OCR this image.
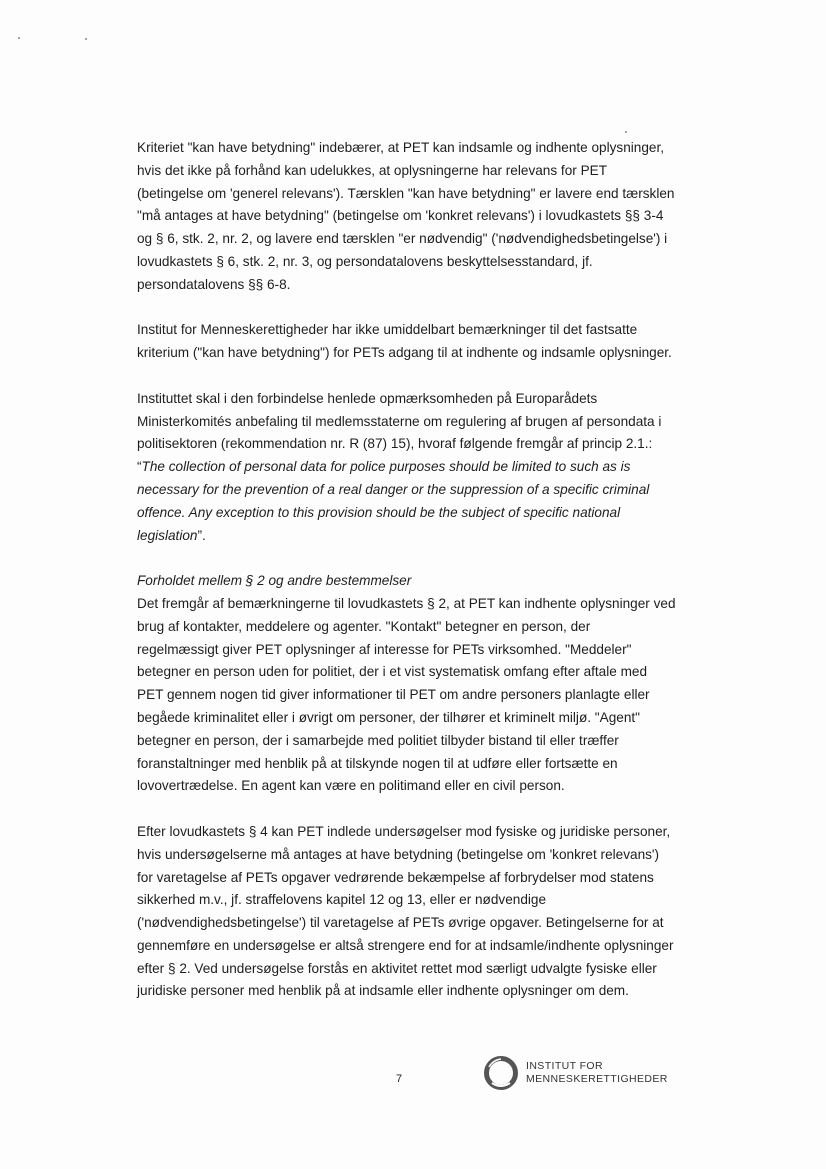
Kriteriet "kan have betydning" indebærer, at PET kan indsamle og indhente oplysninger,
hvis det ikke på forhånd kan udelukkes, at oplysningerne har relevans for PET
(betingelse om 'generel relevans'). Tærsklen "kan have betydning" er lavere end tærsklen
"må antages at have betydning" (betingelse om 'konkret relevans') i lovudkastets §§ 3-4
og § 6, stk. 2, nr. 2, og lavere end tærsklen "er nødvendig" ('nødvendighedsbetingelse') i
lovudkastets § 6, stk. 2, nr. 3, og persondatalovens beskyttelsesstandard, jf.
persondatalovens §§ 6-8.

Institut for Menneskerettigheder har ikke umiddelbart bemærkninger til det fastsatte
kriterium ("kan have betydning") for PETs adgang til at indhente og indsamle oplysninger.

Instituttet skal i den forbindelse henlede opmærksomheden på Europarådets
Ministerkomités anbefaling til medlemsstaterne om regulering af brugen af persondata i
politisektoren (rekommendation nr. R (87) 15), hvoraf følgende fremgår af princip 2.1.:
“The collection of personal data for police purposes should be limited to such as is
necessary for the prevention of a real danger or the suppression of a specific criminal
offence. Any exception to this provision should be the subject of specific national
legislation”.

Forholdet mellem § 2 og andre bestemmelser
Det fremgår af bemærkningerne til lovudkastets § 2, at PET kan indhente oplysninger ved
brug af kontakter, meddelere og agenter. "Kontakt" betegner en person, der
regelmæssigt giver PET oplysninger af interesse for PETs virksomhed. "Meddeler"
betegner en person uden for politiet, der i et vist systematisk omfang efter aftale med
PET gennem nogen tid giver informationer til PET om andre personers planlagte eller
begåede kriminalitet eller i øvrigt om personer, der tilhører et kriminelt miljø. "Agent"
betegner en person, der i samarbejde med politiet tilbyder bistand til eller træffer
foranstaltninger med henblik på at tilskynde nogen til at udføre eller fortsætte en
lovovertrædelse. En agent kan være en politimand eller en civil person.

Efter lovudkastets § 4 kan PET indlede undersøgelser mod fysiske og juridiske personer,
hvis undersøgelserne må antages at have betydning (betingelse om 'konkret relevans')
for varetagelse af PETs opgaver vedrørende bekæmpelse af forbrydelser mod statens
sikkerhed m.v., jf. straffelovens kapitel 12 og 13, eller er nødvendige
('nødvendighedsbetingelse') til varetagelse af PETs øvrige opgaver. Betingelserne for at
gennemføre en undersøgelse er altså strengere end for at indsamle/indhente oplysninger
efter § 2. Ved undersøgelse forstås en aktivitet rettet mod særligt udvalgte fysiske eller
juridiske personer med henblik på at indsamle eller indhente oplysninger om dem.

7
INSTITUT FOR
MENNESKERETTIGHEDER
